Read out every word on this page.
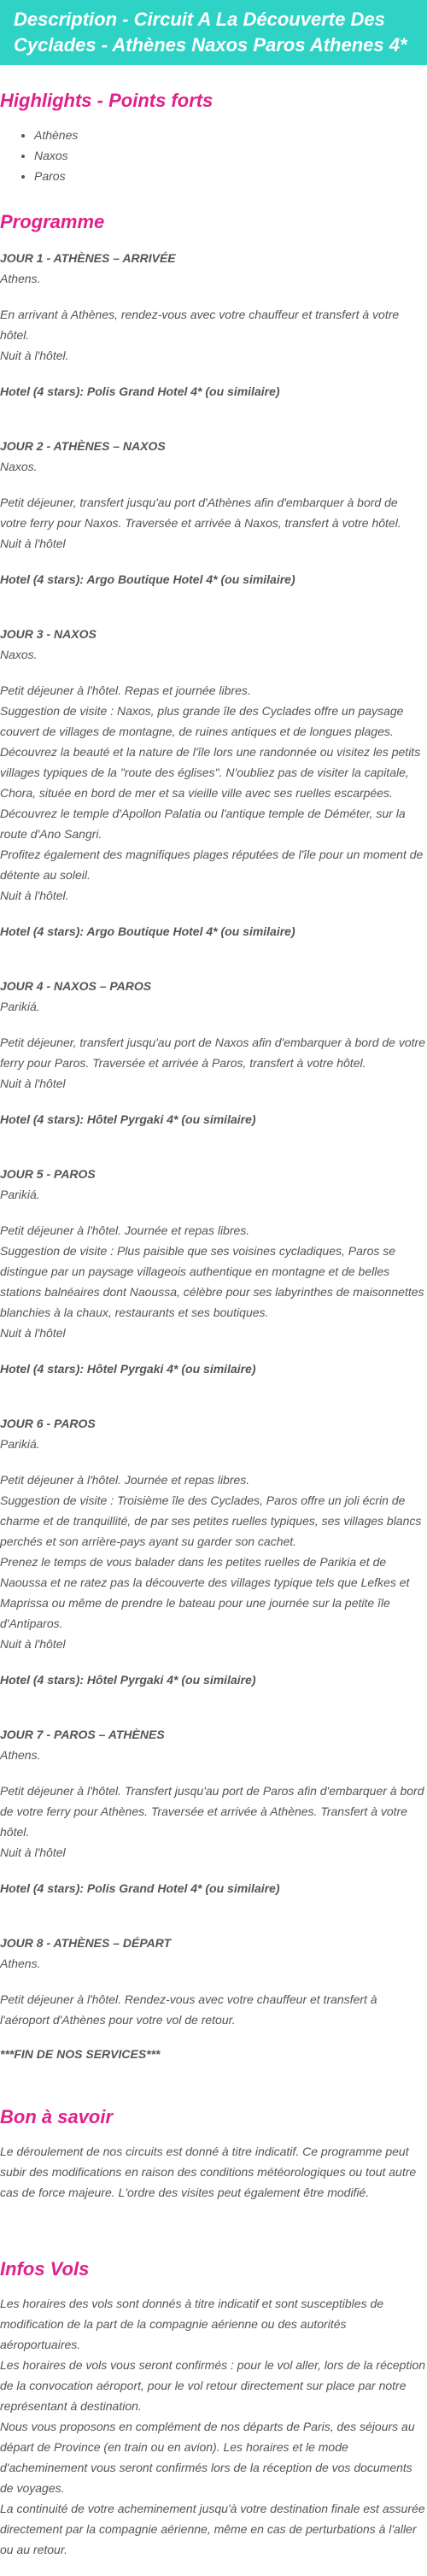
Description - Circuit A La Découverte Des Cyclades - Athènes Naxos Paros Athenes 4*
Highlights - Points forts
• Athènes
• Naxos
• Paros
Programme
JOUR 1 - ATHÈNES – ARRIVÉE
Athens.

En arrivant à Athènes, rendez-vous avec votre chauffeur et transfert à votre hôtel.

Nuit à l'hôtel.

Hotel (4 stars): Polis Grand Hotel 4* (ou similaire)
JOUR 2 - ATHÈNES – NAXOS
Naxos.

Petit déjeuner, transfert jusqu'au port d'Athènes afin d'embarquer à bord de votre ferry pour Naxos. Traversée et arrivée à Naxos, transfert à votre hôtel.

Nuit à l'hôtel

Hotel (4 stars): Argo Boutique Hotel 4* (ou similaire)
JOUR 3 - NAXOS
Naxos.

Petit déjeuner à l'hôtel. Repas et journée libres.

Suggestion de visite : Naxos, plus grande île des Cyclades offre un paysage couvert de villages de montagne, de ruines antiques et de longues plages. Découvrez la beauté et la nature de l'île lors une randonnée ou visitez les petits villages typiques de la "route des églises". N'oubliez pas de visiter la capitale, Chora, située en bord de mer et sa vieille ville avec ses ruelles escarpées. Découvrez le temple d'Apollon Palatia ou l'antique temple de Déméter, sur la route d'Ano Sangri.

Profitez également des magnifiques plages réputées de l'île pour un moment de détente au soleil.

Nuit à l'hôtel.

Hotel (4 stars): Argo Boutique Hotel 4* (ou similaire)
JOUR 4 - NAXOS – PAROS
Parikiá.

Petit déjeuner, transfert jusqu'au port de Naxos afin d'embarquer à bord de votre ferry pour Paros. Traversée et arrivée à Paros, transfert à votre hôtel.

Nuit à l'hôtel

Hotel (4 stars): Hôtel Pyrgaki 4* (ou similaire)
JOUR 5 - PAROS
Parikiá.

Petit déjeuner à l'hôtel. Journée et repas libres.

Suggestion de visite : Plus paisible que ses voisines cycladiques, Paros se distingue par un paysage villageois authentique en montagne et de belles stations balnéaires dont Naoussa, célèbre pour ses labyrinthes de maisonnettes blanchies à la chaux, restaurants et ses boutiques.

Nuit à l'hôtel

Hotel (4 stars): Hôtel Pyrgaki 4* (ou similaire)
JOUR 6 - PAROS
Parikiá.

Petit déjeuner à l'hôtel. Journée et repas libres.

Suggestion de visite : Troisième île des Cyclades, Paros offre un joli écrin de charme et de tranquillité, de par ses petites ruelles typiques, ses villages blancs perchés et son arrière-pays ayant su garder son cachet.

Prenez le temps de vous balader dans les petites ruelles de Parikia et de Naoussa et ne ratez pas la découverte des villages typique tels que Lefkes et Maprissa ou même de prendre le bateau pour une journée sur la petite île d'Antiparos.

Nuit à l'hôtel

Hotel (4 stars): Hôtel Pyrgaki 4* (ou similaire)
JOUR 7 - PAROS – ATHÈNES
Athens.

Petit déjeuner à l'hôtel. Transfert jusqu'au port de Paros afin d'embarquer à bord de votre ferry pour Athènes. Traversée et arrivée à Athènes. Transfert à votre hôtel.

Nuit à l'hôtel

Hotel (4 stars): Polis Grand Hotel 4* (ou similaire)
JOUR 8 - ATHÈNES – DÉPART
Athens.

Petit déjeuner à l'hôtel. Rendez-vous avec votre chauffeur et transfert à l'aéroport d'Athènes pour votre vol de retour.

***FIN DE NOS SERVICES***
Bon à savoir

Le déroulement de nos circuits est donné à titre indicatif. Ce programme peut subir des modifications en raison des conditions météorologiques ou tout autre cas de force majeure. L'ordre des visites peut également être modifié.

Infos Vols

Les horaires des vols sont donnés à titre indicatif et sont susceptibles de modification de la part de la compagnie aérienne ou des autorités aéroportuaires.

Les horaires de vols vous seront confirmés : pour le vol aller, lors de la réception de la convocation aéroport, pour le vol retour directement sur place par notre représentant à destination.

Nous vous proposons en complément de nos départs de Paris, des séjours au départ de Province (en train ou en avion). Les horaires et le mode d'acheminement vous seront confirmés lors de la réception de vos documents de voyages.

La continuité de votre acheminement jusqu'à votre destination finale est assurée directement par la compagnie aérienne, même en cas de perturbations à l'aller ou au retour.
